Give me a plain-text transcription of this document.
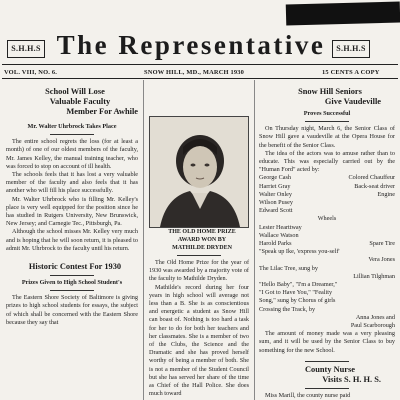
S.H.H.S The Representative	S.H.H.S
VOL. VIII, NO. 6.	SNOW HILL, MD., MARCH 1930	15 CENTS A COPY

School Will Lose

Valuable Faculty

Member For Awhile

Mr. Walter Uhrbrock Takes Place

The entire school regrets the loss (for at least a month) of one of our oldest members of the faculty, Mr. James Kelley, the manual training teacher, who was forced to stop on account of ill health.

The schools feels that it has lost a very valuable member of the faculty and also feels that it has another who will fill his place successfully.

Mr. Walter Uhrbrock who is filling Mr. Kelley's place is very well equipped for the position since he has studied in Rutgers University, New Brunswick, New Jersey; and Carnegie Tec., Pittsburgh, Pa.

Although the school misses Mr. Kelley very much and is hoping that he will soon return, it is pleased to admit Mr. Uhrbrock to the faculty until his return.

Historic Contest For 1930

Prizes Given to High School Student's

The Eastern Shore Society of Baltimore is giving prizes to high school students for essays, the subject of which shall be concerned with the Eastern Shore because they say that

THE OLD HOME PRIZE

AWARD WON BY

MATHILDE DRYDEN

The Old Home Prize for the year of 1930 was awarded by a majority vote of the faculty to Mathilde Dryden.

Mathilde's record during her four years in high school will average not less than a B. She is as conscientious and energetic a student as Snow Hill can boast of. Nothing is too hard a task for her to do for both her teachers and her classmates. She is a member of two of the Clubs, the Science and the Dramatic and she has proved herself worthy of being a member of both. She is not a member of the Student Council but she has served her share of the time as Chief of the Hall Police. She does much toward

Snow Hill Seniors

Give Vaudeville

Proves Successful

On Thursday night, March 6, the Senior Class of Snow Hill gave a vaudeville at the Opera House for the benefit of the Senior Class.

The idea of the actors was to amuse rather than to educate. This was especially carried out by the "Human Ford" acted by:

George Cash	Colored Chauffeur
Harriet Gray	Back-seat driver
Walter Onley	Engine
Wilson Pusey
Edward Scott
Wheels
Lester Hearttway
Wallace Watson
Harold Parks	Spare Tire
"Speak up Ike, 'express you-self'
Vera Jones
The Lilac Tree, sung by
Lillian Tilghman
"Hello Baby", "I'm a Dreamer,"
"I Got to Have You," "Feality
Song," sung by Chorus of girls
Crossing the Track, by
Anna Jones and
Paul Scarborough

The amount of money made was a very pleasing sum, and it will be used by the Senior Class to buy something for the new School.

County Nurse

Visits S. H. H. S.

Miss Marill, the county nurse paid
